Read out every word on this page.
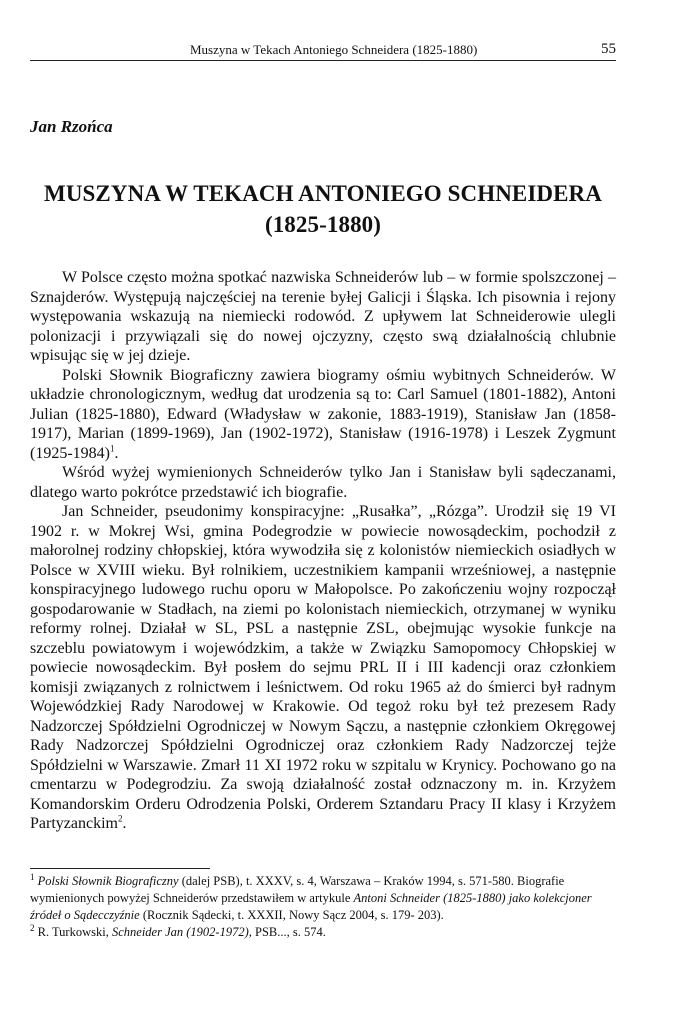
Muszyna w Tekach Antoniego Schneidera (1825-1880)	55
Jan Rzońca
MUSZYNA W TEKACH ANTONIEGO SCHNEIDERA
(1825-1880)

W Polsce często można spotkać nazwiska Schneiderów lub – w formie spolszczonej – Sznajderów. Występują najczęściej na terenie byłej Galicji i Śląska. Ich pisownia i rejony występowania wskazują na niemiecki rodowód. Z upływem lat Schneiderowie ulegli polonizacji i przywiązali się do nowej ojczyzny, często swą działalnością chlubnie wpisując się w jej dzieje.

Polski Słownik Biograficzny zawiera biogramy ośmiu wybitnych Schneiderów. W układzie chronologicznym, według dat urodzenia są to: Carl Samuel (1801-1882), Antoni Julian (1825-1880), Edward (Władysław w zakonie, 1883-1919), Stanisław Jan (1858-1917), Marian (1899-1969), Jan (1902-1972), Stanisław (1916-1978) i Leszek Zygmunt (1925-1984)$^1$.

Wśród wyżej wymienionych Schneiderów tylko Jan i Stanisław byli sądeczanami, dlatego warto pokrótce przedstawić ich biografie.

Jan Schneider, pseudonimy konspiracyjne: „Rusałka”, „Rózga”. Urodził się 19 VI 1902 r. w Mokrej Wsi, gmina Podegrodzie w powiecie nowosądeckim, pochodził z małorolnej rodziny chłopskiej, która wywodziła się z kolonistów niemieckich osiadłych w Polsce w XVIII wieku. Był rolnikiem, uczestnikiem kampanii wrześniowej, a następnie konspiracyjnego ludowego ruchu oporu w Małopolsce. Po zakończeniu wojny rozpoczął gospodarowanie w Stadłach, na ziemi po kolonistach niemieckich, otrzymanej w wyniku reformy rolnej. Działał w SL, PSL a następnie ZSL, obejmując wysokie funkcje na szczeblu powiatowym i wojewódzkim, a także w Związku Samopomocy Chłopskiej w powiecie nowosądeckim. Był posłem do sejmu PRL II i III kadencji oraz członkiem komisji związanych z rolnictwem i leśnictwem. Od roku 1965 aż do śmierci był radnym Wojewódzkiej Rady Narodowej w Krakowie. Od tegoż roku był też prezesem Rady Nadzorczej Spółdzielni Ogrodniczej w Nowym Sączu, a następnie członkiem Okręgowej Rady Nadzorczej Spółdzielni Ogrodniczej oraz członkiem Rady Nadzorczej tejże Spółdzielni w Warszawie. Zmarł 11 XI 1972 roku w szpitalu w Krynicy. Pochowano go na cmentarzu w Podegrodziu. Za swoją działalność został odznaczony m. in. Krzyżem Komandorskim Orderu Odrodzenia Polski, Orderem Sztandaru Pracy II klasy i Krzyżem Partyzanckim$^2$.

$^1$ Polski Słownik Biograficzny (dalej PSB), t. XXXV, s. 4, Warszawa – Kraków 1994, s. 571-580. Biografie wymienionych powyżej Schneiderów przedstawiłem w artykule Antoni Schneider (1825-1880) jako kolekcjoner źródeł o Sądecczyźnie (Rocznik Sądecki, t. XXXII, Nowy Sącz 2004, s. 179- 203).

$^2$ R. Turkowski, Schneider Jan (1902-1972), PSB..., s. 574.
